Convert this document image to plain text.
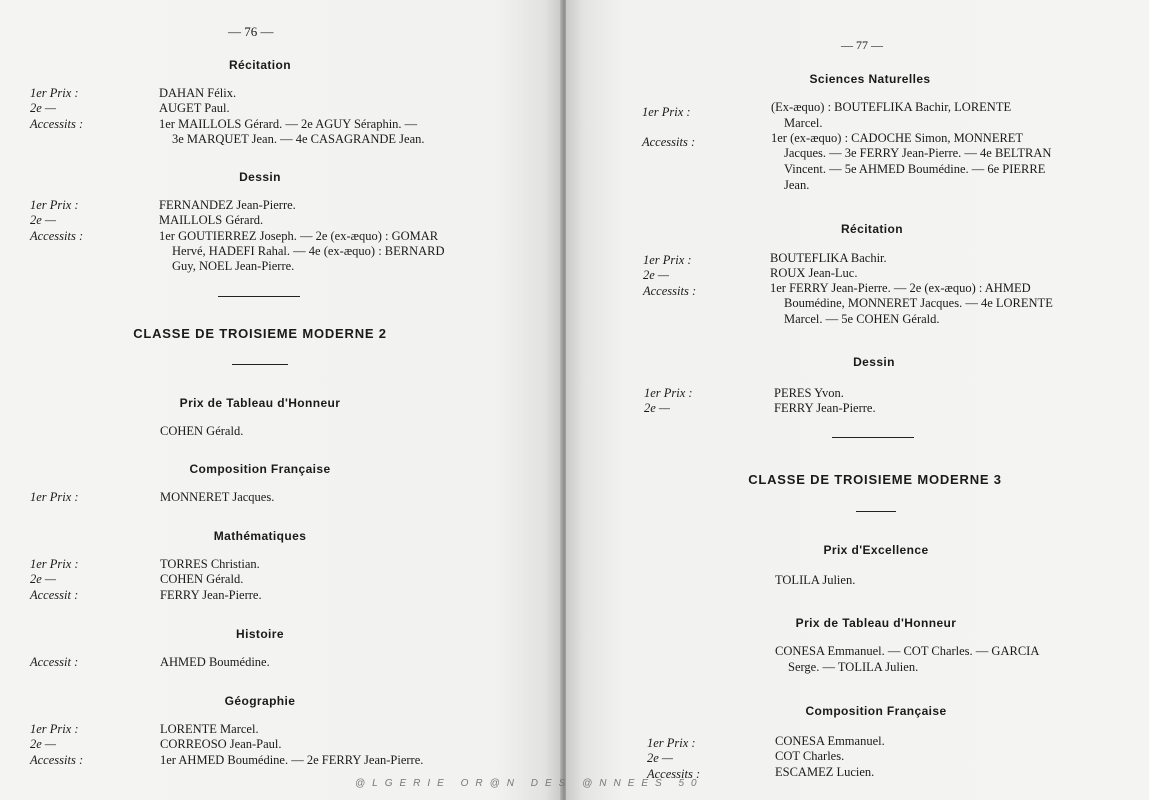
— 76 —
Récitation
1er Prix :	DAHAN Félix.
2e —	AUGET Paul.
Accessits :	1er MAILLOLS Gérard. — 2e AGUY Séraphin. —
3e MARQUET Jean. — 4e CASAGRANDE Jean.
Dessin
1er Prix :	FERNANDEZ Jean-Pierre.
2e —	MAILLOLS Gérard.
Accessits :	1er GOUTIERREZ Joseph. — 2e (ex-æquo) : GOMAR
Hervé, HADEFI Rahal. — 4e (ex-æquo) : BERNARD
Guy, NOEL Jean-Pierre.
CLASSE DE TROISIEME MODERNE 2
Prix de Tableau d'Honneur
COHEN Gérald.
Composition Française
1er Prix :	MONNERET Jacques.
Mathématiques
1er Prix :	TORRES Christian.
2e —	COHEN Gérald.
Accessit :	FERRY Jean-Pierre.
Histoire
Accessit :	AHMED Boumédine.
Géographie
1er Prix :	LORENTE Marcel.
2e —	CORREOSO Jean-Paul.
Accessits :	1er AHMED Boumédine. — 2e FERRY Jean-Pierre.
— 77 —
Sciences Naturelles
1er Prix :	(Ex-æquo) : BOUTEFLIKA Bachir, LORENTE
Marcel.
Accessits :	1er (ex-æquo) : CADOCHE Simon, MONNERET
Jacques. — 3e FERRY Jean-Pierre. — 4e BELTRAN
Vincent. — 5e AHMED Boumédine. — 6e PIERRE
Jean.
Récitation
1er Prix :	BOUTEFLIKA Bachir.
2e —	ROUX Jean-Luc.
Accessits :	1er FERRY Jean-Pierre. — 2e (ex-æquo) : AHMED
Boumédine, MONNERET Jacques. — 4e LORENTE
Marcel. — 5e COHEN Gérald.
Dessin
1er Prix :	PERES Yvon.
2e —	FERRY Jean-Pierre.
CLASSE DE TROISIEME MODERNE 3
Prix d'Excellence
TOLILA Julien.
Prix de Tableau d'Honneur
CONESA Emmanuel. — COT Charles. — GARCIA
Serge. — TOLILA Julien.
Composition Française
1er Prix :	CONESA Emmanuel.
2e —	COT Charles.
Accessits :	ESCAMEZ Lucien.
@LGERIE OR@N DES @NNEES 50
